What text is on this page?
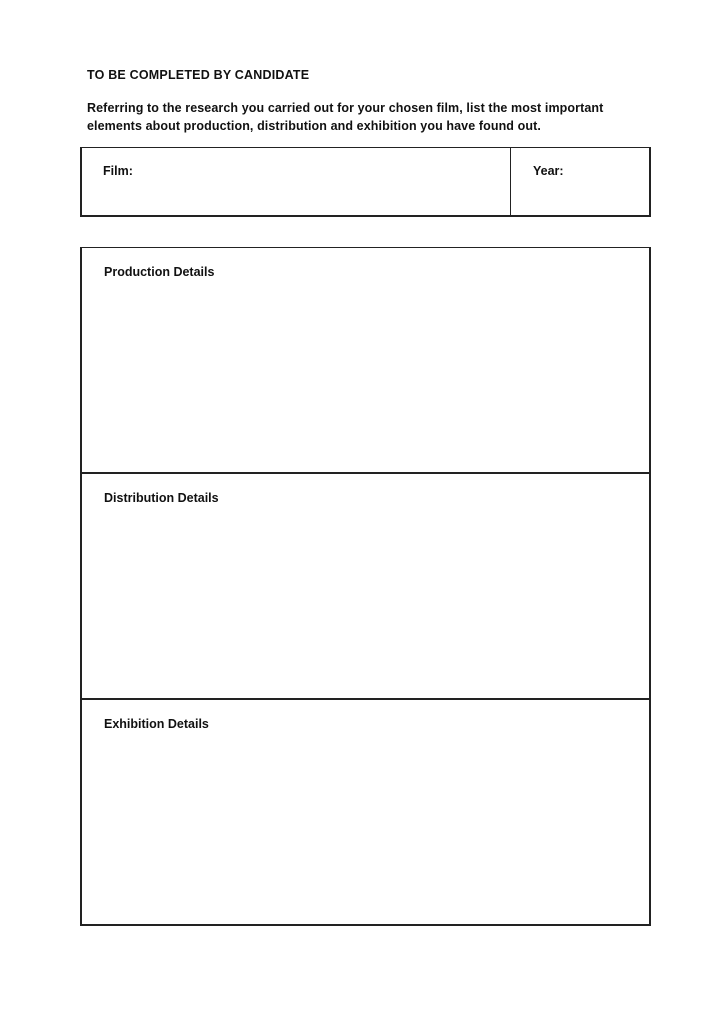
TO BE COMPLETED BY CANDIDATE
Referring to the research you carried out for your chosen film, list the most important
elements about production, distribution and exhibition you have found out.
Film:	Year:
Production Details
Distribution Details
Exhibition Details
